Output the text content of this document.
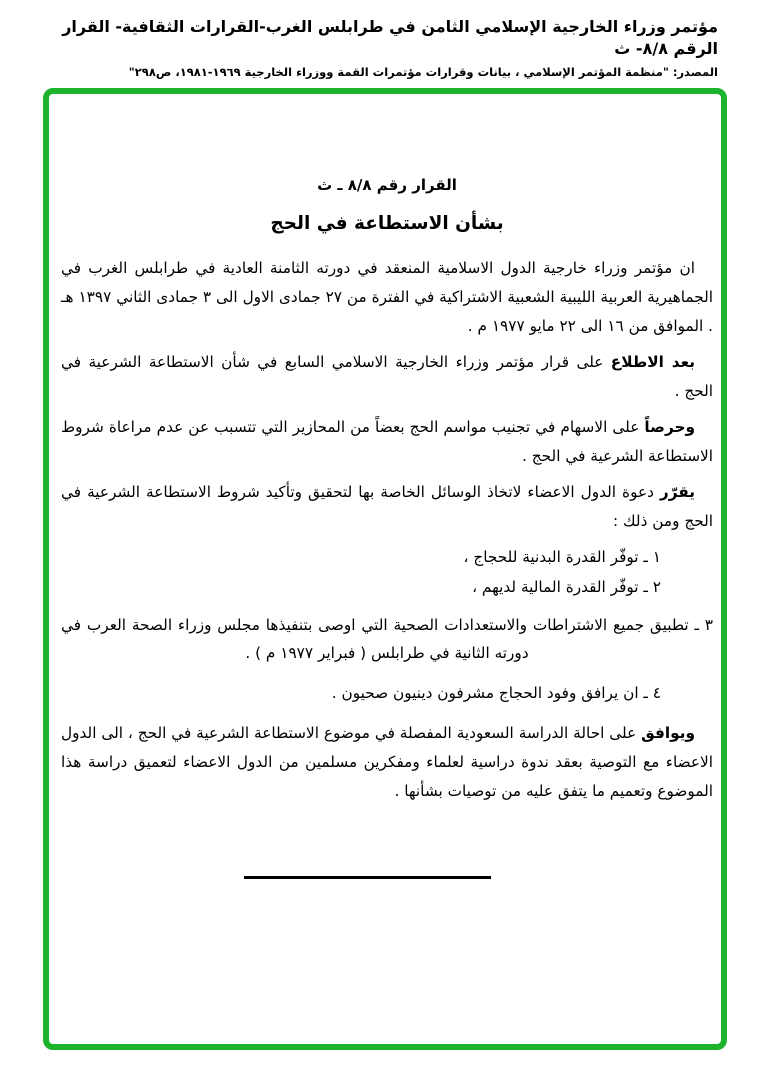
مؤتمر وزراء الخارجية الإسلامي الثامن في طرابلس الغرب-القرارات الثقافية- القرار الرقم ٨/٨- ث
المصدر: "منظمة المؤتمر الإسلامي ، بيانات وقرارات مؤتمرات القمة ووزراء الخارجية ١٩٦٩-١٩٨١، ص٢٩٨"
القرار رقم ٨/٨ ـ ث
بشأن الاستطاعة في الحج

ان مؤتمر وزراء خارجية الدول الاسلامية المنعقد في دورته الثامنة العادية في طرابلس الغرب في الجماهيرية العربية الليبية الشعبية الاشتراكية في الفترة من ٢٧ جمادى الاول الى ٣ جمادى الثاني ١٣٩٧ هـ . الموافق من ١٦ الى ٢٢ مايو ١٩٧٧ م .

بعد الاطلاع على قرار مؤتمر وزراء الخارجية الاسلامي السابع في شأن الاستطاعة الشرعية في الحج .

وحرصاً على الاسهام في تجنيب مواسم الحج بعضاً من المحازير التي تتسبب عن عدم مراعاة شروط الاستطاعة الشرعية في الحج .

يقرّر دعوة الدول الاعضاء لاتخاذ الوسائل الخاصة بها لتحقيق وتأكيد شروط الاستطاعة الشرعية في الحج ومن ذلك :

١ ـ توفّر القدرة البدنية للحجاج ،
٢ ـ توفّر القدرة المالية لديهم ،
٣ ـ تطبيق جميع الاشتراطات والاستعدادات الصحية التي اوصى بتنفيذها مجلس وزراء الصحة العرب في دورته الثانية في طرابلس ( فبراير ١٩٧٧ م ) .
٤ ـ ان يرافق وفود الحجاج مشرفون دينيون صحيون .

ويوافق على احالة الدراسة السعودية المفصلة في موضوع الاستطاعة الشرعية في الحج ، الى الدول الاعضاء مع التوصية بعقد ندوة دراسية لعلماء ومفكرين مسلمين من الدول الاعضاء لتعميق دراسة هذا الموضوع وتعميم ما يتفق عليه من توصيات بشأنها .
